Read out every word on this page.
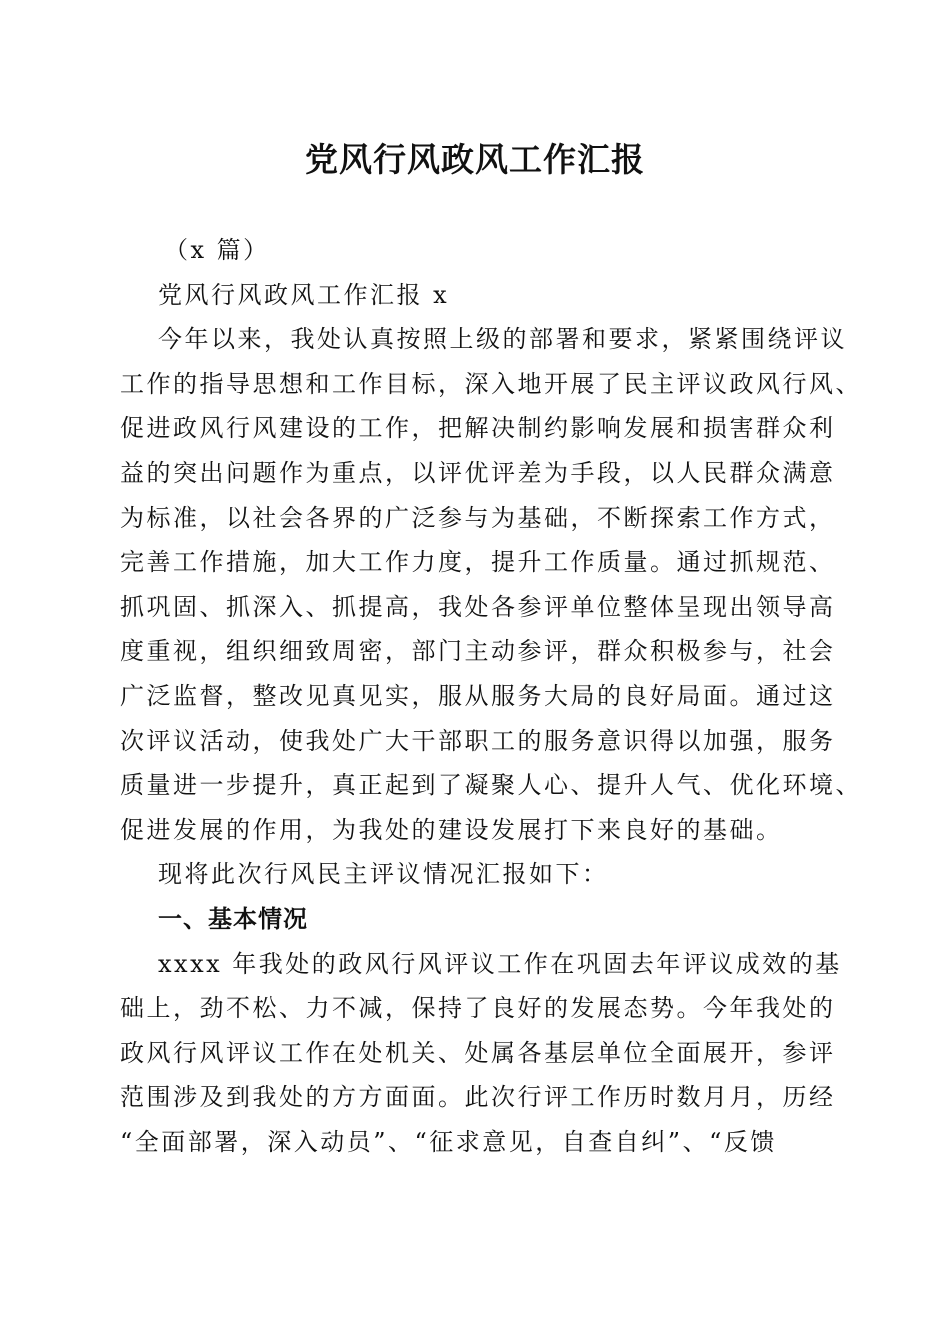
党风行风政风工作汇报
（x 篇）
党风行风政风工作汇报 x
今年以来，我处认真按照上级的部署和要求，紧紧围绕评议
工作的指导思想和工作目标，深入地开展了民主评议政风行风、
促进政风行风建设的工作，把解决制约影响发展和损害群众利
益的突出问题作为重点，以评优评差为手段，以人民群众满意
为标准，以社会各界的广泛参与为基础，不断探索工作方式，
完善工作措施，加大工作力度，提升工作质量。通过抓规范、
抓巩固、抓深入、抓提高，我处各参评单位整体呈现出领导高
度重视，组织细致周密，部门主动参评，群众积极参与，社会
广泛监督，整改见真见实，服从服务大局的良好局面。通过这
次评议活动，使我处广大干部职工的服务意识得以加强，服务
质量进一步提升，真正起到了凝聚人心、提升人气、优化环境、
促进发展的作用，为我处的建设发展打下来良好的基础。
现将此次行风民主评议情况汇报如下：
一、基本情况
xxxx 年我处的政风行风评议工作在巩固去年评议成效的基
础上，劲不松、力不减，保持了良好的发展态势。今年我处的
政风行风评议工作在处机关、处属各基层单位全面展开，参评
范围涉及到我处的方方面面。此次行评工作历时数月月，历经
“全面部署，深入动员”、“征求意见，自查自纠”、“反馈
